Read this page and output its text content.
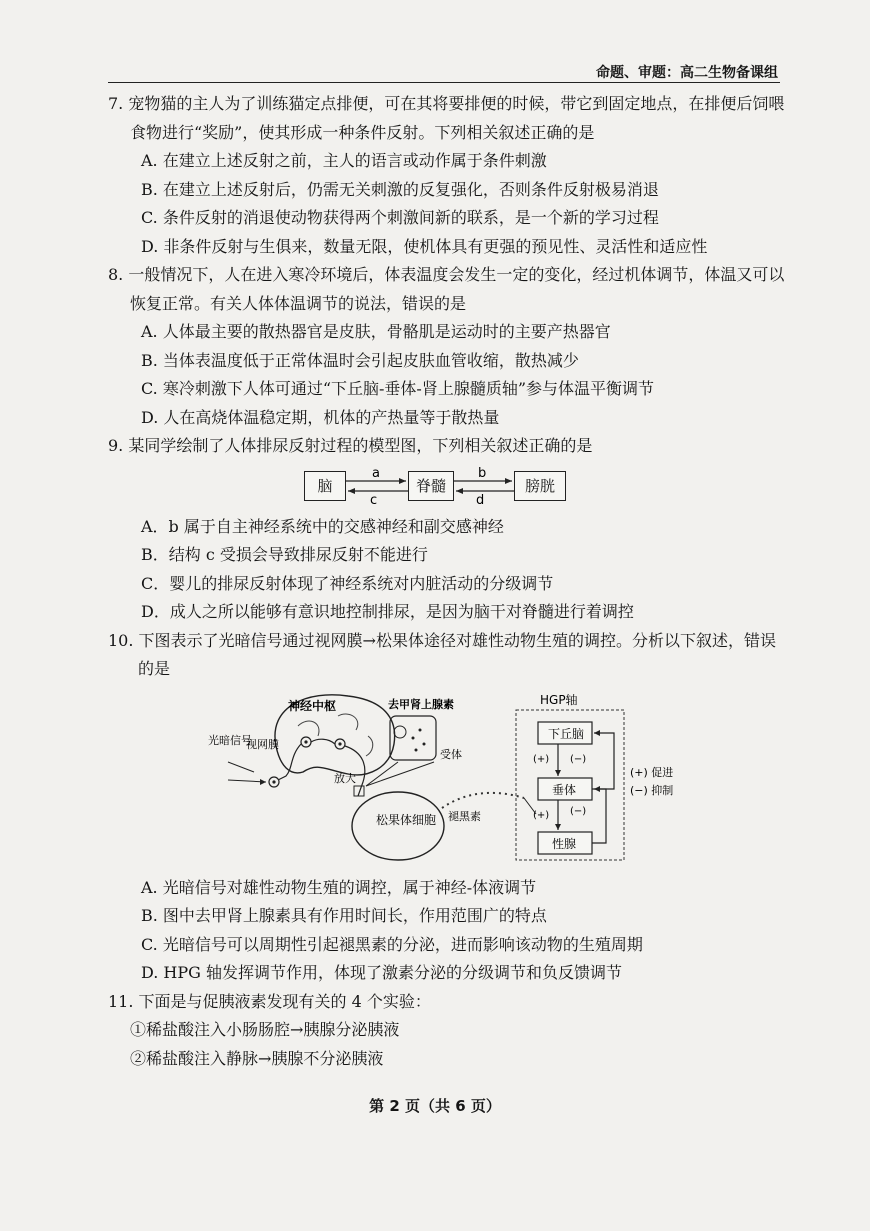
命题、审题：高二生物备课组
7. 宠物猫的主人为了训练猫定点排便，可在其将要排便的时候，带它到固定地点，在排便后饲喂食物进行“奖励”，使其形成一种条件反射。下列相关叙述正确的是
A. 在建立上述反射之前，主人的语言或动作属于条件刺激
B. 在建立上述反射后，仍需无关刺激的反复强化，否则条件反射极易消退
C. 条件反射的消退使动物获得两个刺激间新的联系，是一个新的学习过程
D. 非条件反射与生俱来，数量无限，使机体具有更强的预见性、灵活性和适应性
8. 一般情况下，人在进入寒冷环境后，体表温度会发生一定的变化，经过机体调节，体温又可以恢复正常。有关人体体温调节的说法，错误的是
A. 人体最主要的散热器官是皮肤，骨骼肌是运动时的主要产热器官
B. 当体表温度低于正常体温时会引起皮肤血管收缩，散热减少
C. 寒冷刺激下人体可通过“下丘脑-垂体-肾上腺髓质轴”参与体温平衡调节
D. 人在高烧体温稳定期，机体的产热量等于散热量
9. 某同学绘制了人体排尿反射过程的模型图，下列相关叙述正确的是
脑	脊髓	膀胱
a
c
b
d
A．b 属于自主神经系统中的交感神经和副交感神经
B．结构 c 受损会导致排尿反射不能进行
C．婴儿的排尿反射体现了神经系统对内脏活动的分级调节
D．成人之所以能够有意识地控制排尿，是因为脑干对脊髓进行着调控
10. 下图表示了光暗信号通过视网膜→松果体途径对雄性动物生殖的调控。分析以下叙述，错误的是
神经中枢
光暗信号
视网膜
去甲肾上腺素
受体
放大
松果体细胞 褪黑素
HGP轴
下丘脑
垂体
性腺
(+) (−)
(+) (−)
(+) 促进
(−) 抑制
A. 光暗信号对雄性动物生殖的调控，属于神经-体液调节
B. 图中去甲肾上腺素具有作用时间长，作用范围广的特点
C. 光暗信号可以周期性引起褪黑素的分泌，进而影响该动物的生殖周期
D. HPG 轴发挥调节作用，体现了激素分泌的分级调节和负反馈调节
11. 下面是与促胰液素发现有关的 4 个实验：
①稀盐酸注入小肠肠腔→胰腺分泌胰液
②稀盐酸注入静脉→胰腺不分泌胰液
第 2 页（共 6 页）
